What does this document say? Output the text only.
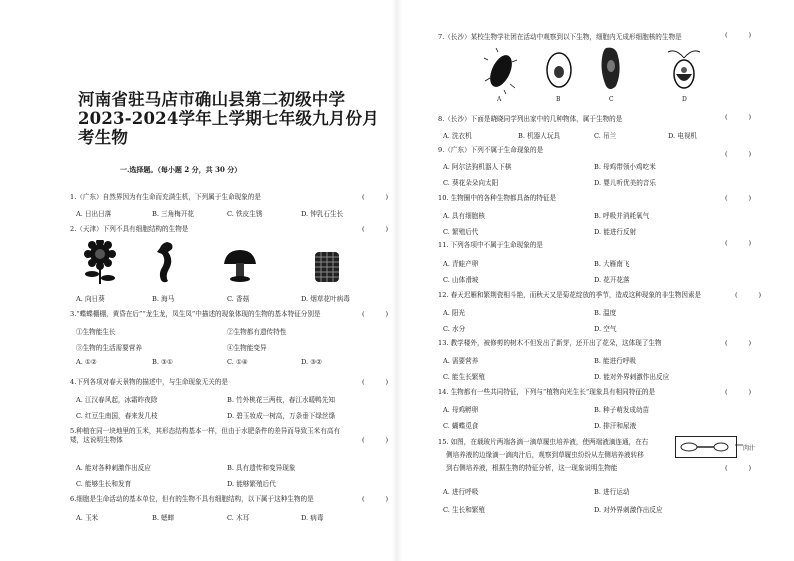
河南省驻马店市确山县第二初级中学2023-2024学年上学期七年级九月份月考生物
一.选择题。（每小题 2 分，共 30 分）
1.（广东）自然界因为有生命而充满生机，下列属于生命现象的是	(          )
A. 日出日落	B. 三角梅开花	C. 铁皮生锈	D. 钟乳石生长
2.（天津）下列不具有细胞结构的生物是	(          )
A. 向日葵	B. 海马	C. 香菇	D. 烟草花叶病毒
3.“蝶蝶棚棚，黄昏在后”“龙生龙，凤生凤”中描述的现象体现的生物的基本特征分别是	(          )
①生物能生长	②生物都有遗传特性
③生物的生活需要营养	④生物能变异
A. ①②	B. ③①	C. ①④	D. ③②
4.下列各项对春天景物的描述中，与生命现象无关的是	(          )
A. 江汉春风起，冰霜昨夜除	B. 竹外桃花三两枝，春江水暖鸭先知
C. 红豆生南国，春来发几枝	D. 碧玉妆成一树高，万条垂下绿丝绦
5.种植在同一块地里的玉米，其形态结构基本一样，但由于水肥条件的差异而导致玉米有高有
矮，这说明生物体	(          )
A. 能对各种刺激作出反应	B. 具有遗传和变异现象
C. 能够生长和发育	D. 能够繁殖后代
6.细胞是生命活动的基本单位，但有的生物不具有细胞结构，以下属于这种生物的是	(          )
A. 玉米	B. 蟋蟀	C. 木耳	D. 病毒
7.（长沙）某校生物学社团在活动中观察到以下生物，细胞内无成形细胞核的生物是	(          )
A	B	C	D
8.（长沙）下面是晓晓同学列出家中的几种物体，属于生物的是	(          )
A. 洗衣机	B. 机器人玩具	C. 吊兰	D. 电视机
9.（广东）下列不属于生命现象的是	(          )
A. 阿尔法狗机器人下棋	B. 母鸡带领小鸡吃米
C. 葵花朵朵向太阳	D. 婴儿听优美的音乐
10. 生物圈中的各种生物都具备的特征是	(          )
A. 具有细胞核	B. 呼吸并消耗氧气
C. 繁殖后代	D. 能进行反射
11. 下列各项中不属于生命现象的是	(          )
A. 青蛙产卵	B. 大雁南飞
C. 山体滑坡	D. 花开花落
12. 春天迟雁和繁荆瓷相斗艳，而秋天又是菊花绽放的季节，造成这种现象的非生物因素是	(          )
A. 阳光	B. 温度
C. 水分	D. 空气
13. 教学楼外，被修剪的树木不但发出了新芽，还开出了花朵，这体现了生物	(          )
A. 需要营养	B. 能进行呼吸
C. 能生长繁殖	D. 能对外界刺激作出反应
14. 生物都有一些共同特征，下列与“植物向光生长”现象具有相同特征的是	(          )
A. 母鸡孵卵	B. 种子萌发成幼苗
C. 蝴蝶觅食	D. 排汗和尿液
15. 如图，在载玻片两端各滴一滴草履虫培养液，使两端液滴连通，在右
侧培养液的边缘滴一滴肉汁后，观察到草履虫纷纷从左侧培养液转移
到右侧培养液，根据生物的特征分析，这一现象说明生物能	(          )
肉汁
A. 进行呼吸	B. 进行运动
C. 生长和繁殖	D. 对外界刺激作出反应
